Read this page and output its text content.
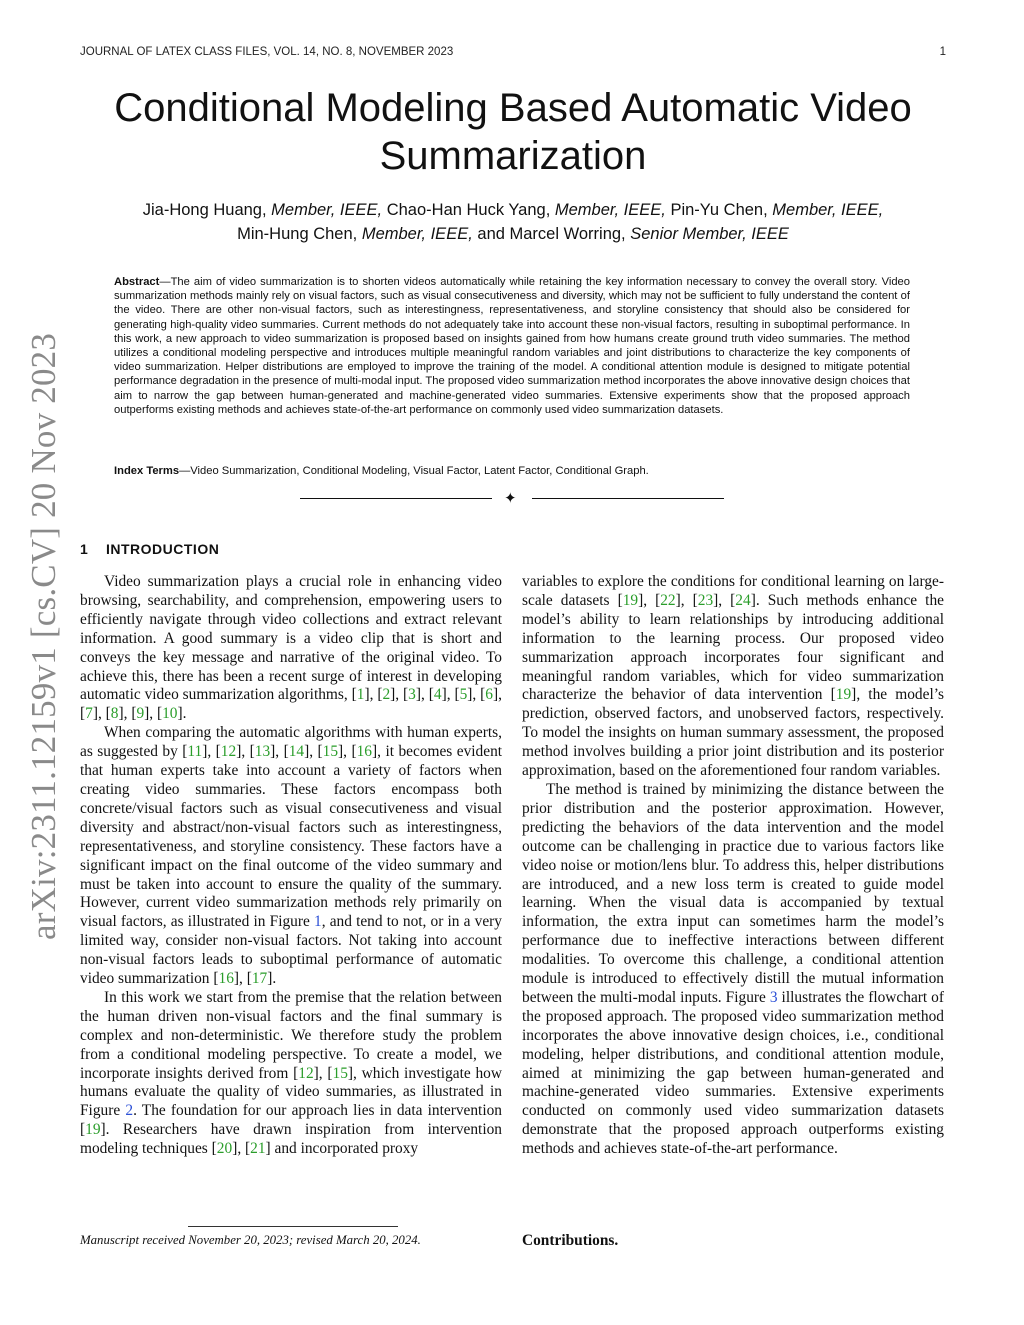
JOURNAL OF LATEX CLASS FILES, VOL. 14, NO. 8, NOVEMBER 2023	1
Conditional Modeling Based Automatic Video Summarization
Jia-Hong Huang, Member, IEEE, Chao-Han Huck Yang, Member, IEEE, Pin-Yu Chen, Member, IEEE,
Min-Hung Chen, Member, IEEE, and Marcel Worring, Senior Member, IEEE
Abstract—The aim of video summarization is to shorten videos automatically while retaining the key information necessary to convey the overall story. Video summarization methods mainly rely on visual factors, such as visual consecutiveness and diversity, which may not be sufficient to fully understand the content of the video. There are other non-visual factors, such as interestingness, representativeness, and storyline consistency that should also be considered for generating high-quality video summaries. Current methods do not adequately take into account these non-visual factors, resulting in suboptimal performance. In this work, a new approach to video summarization is proposed based on insights gained from how humans create ground truth video summaries. The method utilizes a conditional modeling perspective and introduces multiple meaningful random variables and joint distributions to characterize the key components of video summarization. Helper distributions are employed to improve the training of the model. A conditional attention module is designed to mitigate potential performance degradation in the presence of multi-modal input. The proposed video summarization method incorporates the above innovative design choices that aim to narrow the gap between human-generated and machine-generated video summaries. Extensive experiments show that the proposed approach outperforms existing methods and achieves state-of-the-art performance on commonly used video summarization datasets.
Index Terms—Video Summarization, Conditional Modeling, Visual Factor, Latent Factor, Conditional Graph.
✦
arXiv:2311.12159v1 [cs.CV] 20 Nov 2023 1 INTRODUCTION

Video summarization plays a crucial role in enhancing video browsing, searchability, and comprehension, empowering users to efficiently navigate through video collections and extract relevant information. A good summary is a video clip that is short and conveys the key message and narrative of the original video. To achieve this, there has been a recent surge of interest in developing automatic video summarization algorithms, [1], [2], [3], [4], [5], [6], [7], [8], [9], [10].

When comparing the automatic algorithms with human experts, as suggested by [11], [12], [13], [14], [15], [16], it becomes evident that human experts take into account a variety of factors when creating video summaries. These factors encompass both concrete/visual factors such as visual consecutiveness and visual diversity and abstract/non-visual factors such as interestingness, representativeness, and storyline consistency. These factors have a significant impact on the final outcome of the video summary and must be taken into account to ensure the quality of the summary. However, current video summarization methods rely primarily on visual factors, as illustrated in Figure 1, and tend to not, or in a very limited way, consider non-visual factors. Not taking into account non-visual factors leads to suboptimal performance of automatic video summarization [16], [17].

In this work we start from the premise that the relation between the human driven non-visual factors and the final summary is complex and non-deterministic. We therefore study the problem from a conditional modeling perspective. To create a model, we incorporate insights derived from [12], [15], which investigate how humans evaluate the quality of video summaries, as illustrated in Figure 2. The foundation for our approach lies in data intervention [19]. Researchers have drawn inspiration from intervention modeling techniques [20], [21] and incorporated proxy

variables to explore the conditions for conditional learning on large-scale datasets [19], [22], [23], [24]. Such methods enhance the model’s ability to learn relationships by introducing additional information to the learning process. Our proposed video summarization approach incorporates four significant and meaningful random variables, which for video summarization characterize the behavior of data intervention [19], the model’s prediction, observed factors, and unobserved factors, respectively. To model the insights on human summary assessment, the proposed method involves building a prior joint distribution and its posterior approximation, based on the aforementioned four random variables.

The method is trained by minimizing the distance between the prior distribution and the posterior approximation. However, predicting the behaviors of the data intervention and the model outcome can be challenging in practice due to various factors like video noise or motion/lens blur. To address this, helper distributions are introduced, and a new loss term is created to guide model learning. When the visual data is accompanied by textual information, the extra input can sometimes harm the model’s performance due to ineffective interactions between different modalities. To overcome this challenge, a conditional attention module is introduced to effectively distill the mutual information between the multi-modal inputs. Figure 3 illustrates the flowchart of the proposed approach. The proposed video summarization method incorporates the above innovative design choices, i.e., conditional modeling, helper distributions, and conditional attention module, aimed at minimizing the gap between human-generated and machine-generated video summaries. Extensive experiments conducted on commonly used video summarization datasets demonstrate that the proposed approach outperforms existing methods and achieves state-of-the-art performance.

Manuscript received November 20, 2023; revised March 20, 2024.	Contributions.
